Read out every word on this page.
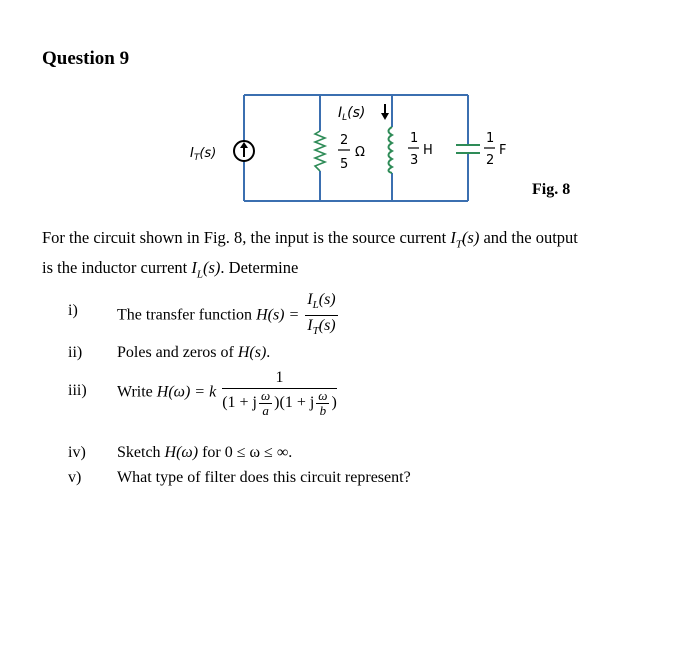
Question 9
$I_T(s)$
2
5
Ω
1
3
H
1
2
F
$I_L(s)$
Fig. 8
For the circuit shown in Fig. 8, the input is the source current $I_T(s)$ and the output
is the inductor current $I_L(s)$. Determine
i) The transfer function $H(s) = \frac{I_L(s)}{I_T(s)}$
ii) Poles and zeros of H(s).
iii) Write H(ω) = k $\frac{1}{(1 + j \frac{\omega}{a} )(1 + j \frac{\omega}{b} )}$
iv) Sketch H(ω) for 0 ≤ ω ≤ ∞.
v) What type of filter does this circuit represent?
